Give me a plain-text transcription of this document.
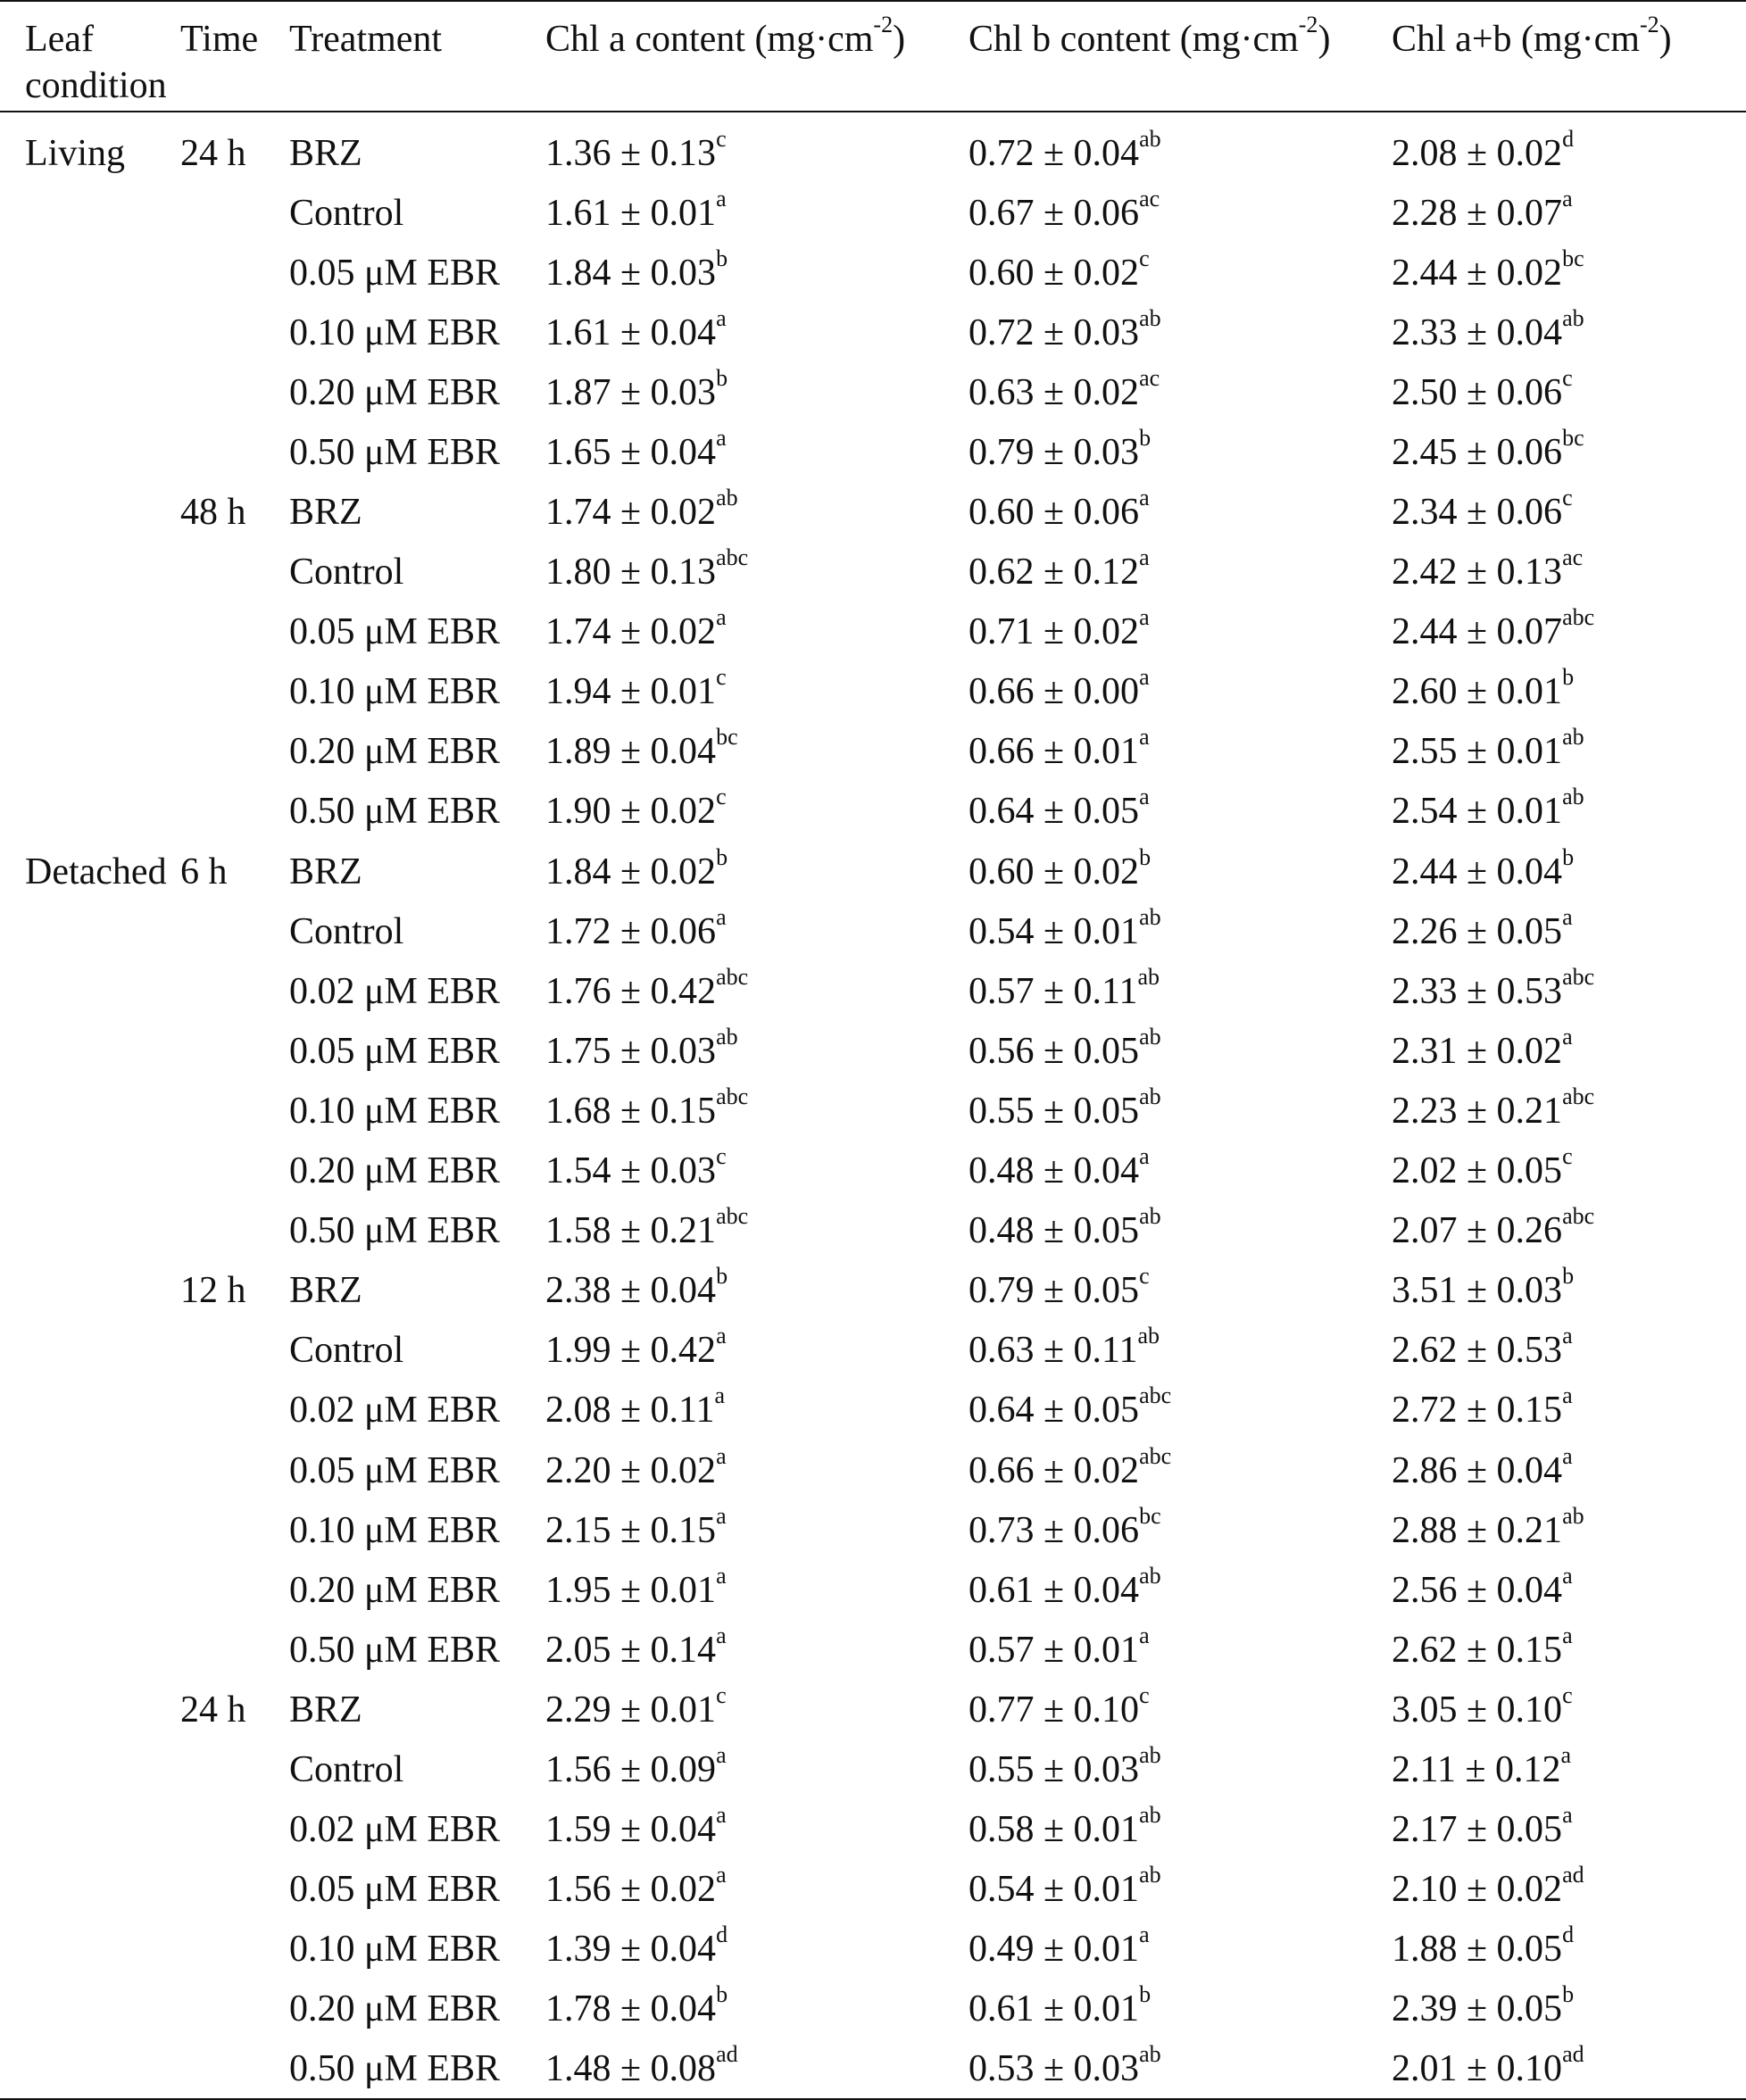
Leaf condition	Time	Treatment	Chl a content $(mg\cdot cm^{-2})$	Chl b content $(mg\cdot cm^{-2})$	Chl a+b $(mg\cdot cm^{-2})$
Living	24 h	BRZ	1.36 ± 0.13$^c$	0.72 ± 0.04$^{ab}$	2.08 ± 0.02$^d$
		Control	1.61 ± 0.01$^a$	0.67 ± 0.06$^{ac}$	2.28 ± 0.07$^a$
		0.05 μM EBR	1.84 ± 0.03$^b$	0.60 ± 0.02$^c$	2.44 ± 0.02$^{bc}$
		0.10 μM EBR	1.61 ± 0.04$^a$	0.72 ± 0.03$^{ab}$	2.33 ± 0.04$^{ab}$
		0.20 μM EBR	1.87 ± 0.03$^b$	0.63 ± 0.02$^{ac}$	2.50 ± 0.06$^c$
		0.50 μM EBR	1.65 ± 0.04$^a$	0.79 ± 0.03$^b$	2.45 ± 0.06$^{bc}$
	48 h	BRZ	1.74 ± 0.02$^{ab}$	0.60 ± 0.06$^a$	2.34 ± 0.06$^c$
		Control	1.80 ± 0.13$^{abc}$	0.62 ± 0.12$^a$	2.42 ± 0.13$^{ac}$
		0.05 μM EBR	1.74 ± 0.02$^a$	0.71 ± 0.02$^a$	2.44 ± 0.07$^{abc}$
		0.10 μM EBR	1.94 ± 0.01$^c$	0.66 ± 0.00$^a$	2.60 ± 0.01$^b$
		0.20 μM EBR	1.89 ± 0.04$^{bc}$	0.66 ± 0.01$^a$	2.55 ± 0.01$^{ab}$
		0.50 μM EBR	1.90 ± 0.02$^c$	0.64 ± 0.05$^a$	2.54 ± 0.01$^{ab}$
Detached	6 h	BRZ	1.84 ± 0.02$^b$	0.60 ± 0.02$^b$	2.44 ± 0.04$^b$
		Control	1.72 ± 0.06$^a$	0.54 ± 0.01$^{ab}$	2.26 ± 0.05$^a$
		0.02 μM EBR	1.76 ± 0.42$^{abc}$	0.57 ± 0.11$^{ab}$	2.33 ± 0.53$^{abc}$
		0.05 μM EBR	1.75 ± 0.03$^{ab}$	0.56 ± 0.05$^{ab}$	2.31 ± 0.02$^a$
		0.10 μM EBR	1.68 ± 0.15$^{abc}$	0.55 ± 0.05$^{ab}$	2.23 ± 0.21$^{abc}$
		0.20 μM EBR	1.54 ± 0.03$^c$	0.48 ± 0.04$^a$	2.02 ± 0.05$^c$
		0.50 μM EBR	1.58 ± 0.21$^{abc}$	0.48 ± 0.05$^{ab}$	2.07 ± 0.26$^{abc}$
	12 h	BRZ	2.38 ± 0.04$^b$	0.79 ± 0.05$^c$	3.51 ± 0.03$^b$
		Control	1.99 ± 0.42$^a$	0.63 ± 0.11$^{ab}$	2.62 ± 0.53$^a$
		0.02 μM EBR	2.08 ± 0.11$^a$	0.64 ± 0.05$^{abc}$	2.72 ± 0.15$^a$
		0.05 μM EBR	2.20 ± 0.02$^a$	0.66 ± 0.02$^{abc}$	2.86 ± 0.04$^a$
		0.10 μM EBR	2.15 ± 0.15$^a$	0.73 ± 0.06$^{bc}$	2.88 ± 0.21$^{ab}$
		0.20 μM EBR	1.95 ± 0.01$^a$	0.61 ± 0.04$^{ab}$	2.56 ± 0.04$^a$
		0.50 μM EBR	2.05 ± 0.14$^a$	0.57 ± 0.01$^a$	2.62 ± 0.15$^a$
	24 h	BRZ	2.29 ± 0.01$^c$	0.77 ± 0.10$^c$	3.05 ± 0.10$^c$
		Control	1.56 ± 0.09$^a$	0.55 ± 0.03$^{ab}$	2.11 ± 0.12$^a$
		0.02 μM EBR	1.59 ± 0.04$^a$	0.58 ± 0.01$^{ab}$	2.17 ± 0.05$^a$
		0.05 μM EBR	1.56 ± 0.02$^a$	0.54 ± 0.01$^{ab}$	2.10 ± 0.02$^{ad}$
		0.10 μM EBR	1.39 ± 0.04$^d$	0.49 ± 0.01$^a$	1.88 ± 0.05$^d$
		0.20 μM EBR	1.78 ± 0.04$^b$	0.61 ± 0.01$^b$	2.39 ± 0.05$^b$
		0.50 μM EBR	1.48 ± 0.08$^{ad}$	0.53 ± 0.03$^{ab}$	2.01 ± 0.10$^{ad}$
